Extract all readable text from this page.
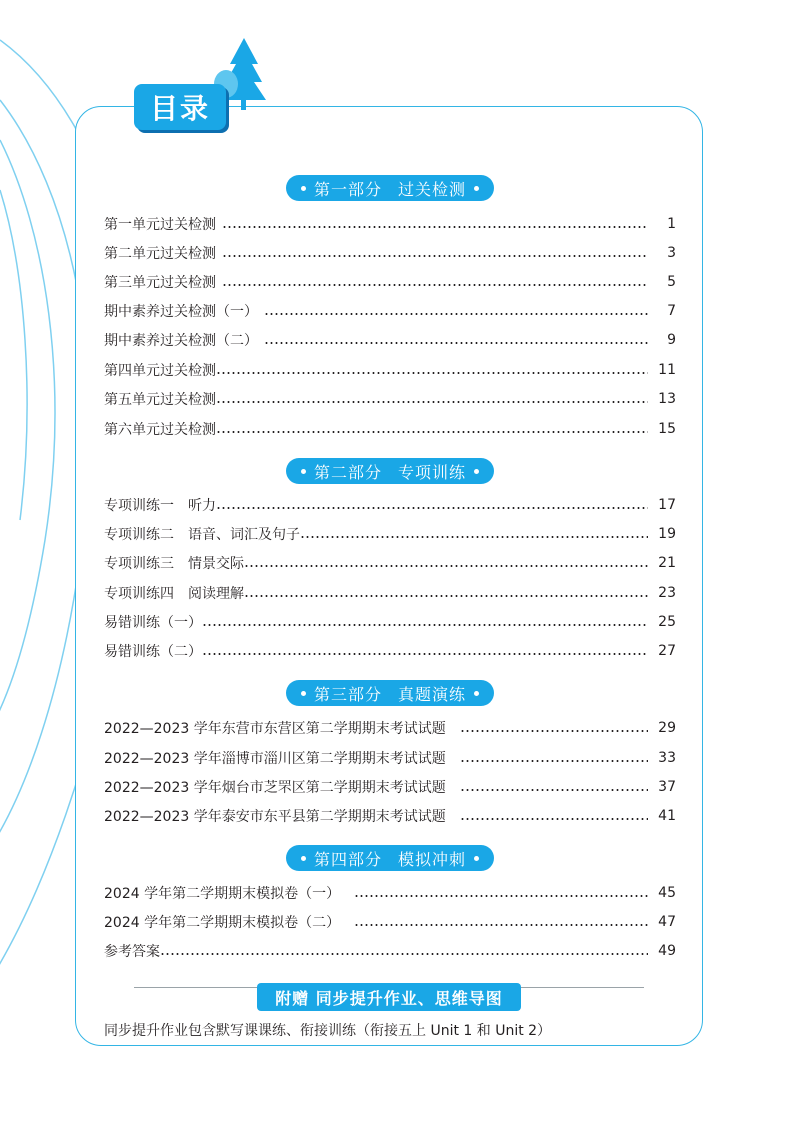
目录
第一部分 过关检测
第一单元过关检测	1
第二单元过关检测	3
第三单元过关检测	5
期中素养过关检测（一）	7
期中素养过关检测（二）	9
第四单元过关检测	11
第五单元过关检测	13
第六单元过关检测	15
第二部分 专项训练
专项训练一 听力	17
专项训练二 语音、词汇及句子	19
专项训练三 情景交际	21
专项训练四 阅读理解	23
易错训练（一）	25
易错训练（二）	27
第三部分 真题演练
2022—2023 学年东营市东营区第二学期期末考试试题	29
2022—2023 学年淄博市淄川区第二学期期末考试试题	33
2022—2023 学年烟台市芝罘区第二学期期末考试试题	37
2022—2023 学年泰安市东平县第二学期期末考试试题	41
第四部分 模拟冲刺
2024 学年第二学期期末模拟卷（一）	45
2024 学年第二学期期末模拟卷（二）	47
参考答案	49
附赠 同步提升作业、思维导图
同步提升作业包含默写课课练、衔接训练（衔接五上 Unit 1 和 Unit 2）
